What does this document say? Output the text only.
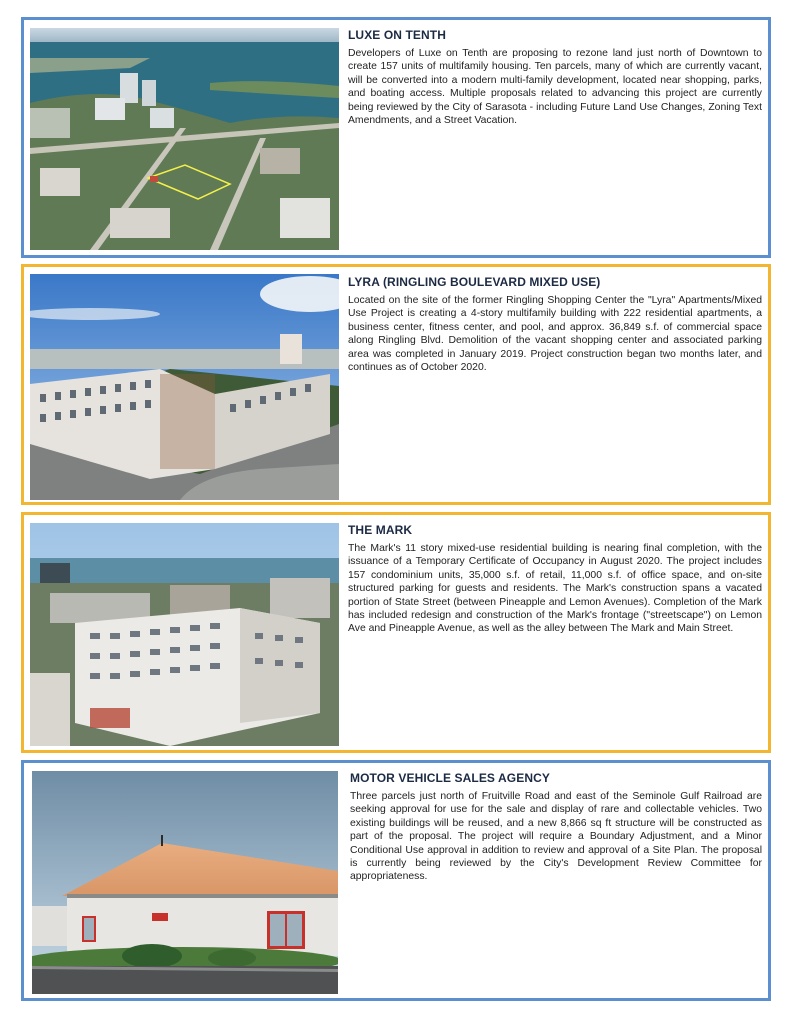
LUXE ON TENTH

Developers of Luxe on Tenth are proposing to rezone land just north of Downtown to create 157 units of multifamily housing. Ten parcels, many of which are currently vacant, will be converted into a modern multi-family development, located near shopping, parks, and boating access. Multiple proposals related to advancing this project are currently being reviewed by the City of Sarasota - including Future Land Use Changes, Zoning Text Amendments, and a Street Vacation.

LYRA (RINGLING BOULEVARD MIXED USE)

Located on the site of the former Ringling Shopping Center the "Lyra" Apartments/Mixed Use Project is creating a 4-story multifamily building with 222 residential apartments, a business center, fitness center, and pool, and approx. 36,849 s.f. of commercial space along Ringling Blvd. Demolition of the vacant shopping center and associated parking area was completed in January 2019. Project construction began two months later, and continues as of October 2020.

THE MARK

The Mark's 11 story mixed-use residential building is nearing final completion, with the issuance of a Temporary Certificate of Occupancy in August 2020. The project includes 157 condominium units, 35,000 s.f. of retail, 11,000 s.f. of office space, and on-site structured parking for guests and residents. The Mark's construction spans a vacated portion of State Street (between Pineapple and Lemon Avenues). Completion of the Mark has included redesign and construction of the Mark's frontage ("streetscape") on Lemon Ave and Pineapple Avenue, as well as the alley between The Mark and Main Street.

MOTOR VEHICLE SALES AGENCY

Three parcels just north of Fruitville Road and east of the Seminole Gulf Railroad are seeking approval for use for the sale and display of rare and collectable vehicles. Two existing buildings will be reused, and a new 8,866 sq ft structure will be constructed as part of the proposal. The project will require a Boundary Adjustment, and a Minor Conditional Use approval in addition to review and approval of a Site Plan. The proposal is currently being reviewed by the City's Development Review Committee for appropriateness.
